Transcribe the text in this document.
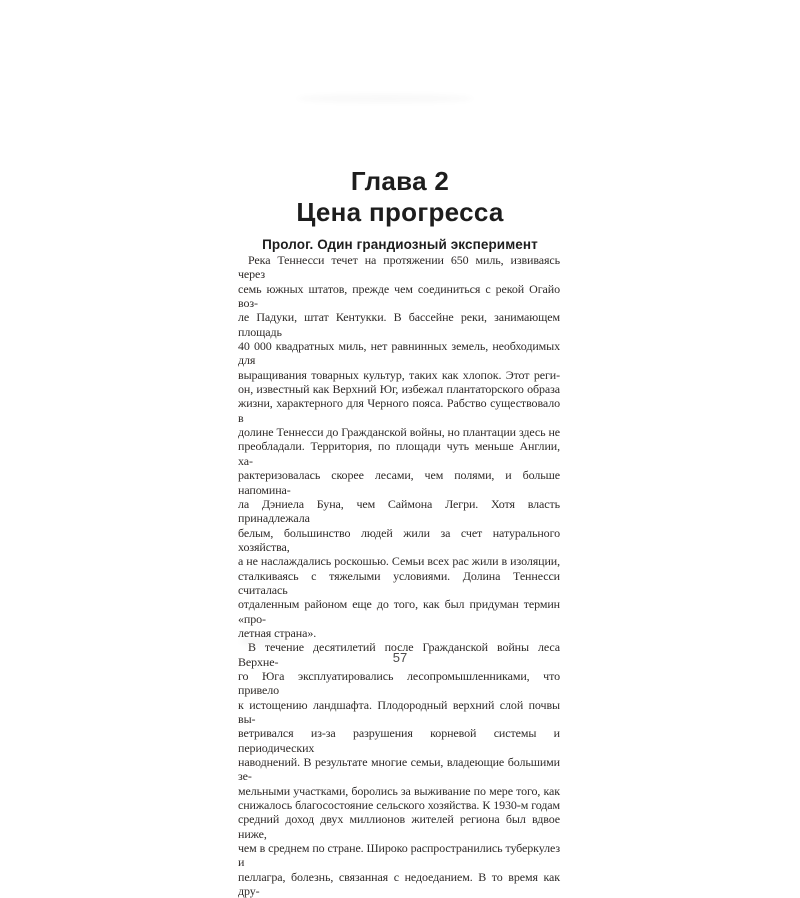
Глава 2
Цена прогресса
Пролог. Один грандиозный эксперимент
Река Теннесси течет на протяжении 650 миль, извиваясь через
семь южных штатов, прежде чем соединиться с рекой Огайо воз-
ле Падуки, штат Кентукки. В бассейне реки, занимающем площадь
40 000 квадратных миль, нет равнинных земель, необходимых для
выращивания товарных культур, таких как хлопок. Этот реги-
он, известный как Верхний Юг, избежал плантаторского образа
жизни, характерного для Черного пояса. Рабство существовало в
долине Теннесси до Гражданской войны, но плантации здесь не
преобладали. Территория, по площади чуть меньше Англии, ха-
рактеризовалась скорее лесами, чем полями, и больше напомина-
ла Дэниела Буна, чем Саймона Легри. Хотя власть принадлежала
белым, большинство людей жили за счет натурального хозяйства,
а не наслаждались роскошью. Семьи всех рас жили в изоляции,
сталкиваясь с тяжелыми условиями. Долина Теннесси считалась
отдаленным районом еще до того, как был придуман термин «про-
летная страна».
В течение десятилетий после Гражданской войны леса Верхне-
го Юга эксплуатировались лесопромышленниками, что привело
к истощению ландшафта. Плодородный верхний слой почвы вы-
ветривался из-за разрушения корневой системы и периодических
наводнений. В результате многие семьи, владеющие большими зе-
мельными участками, боролись за выживание по мере того, как
снижалось благосостояние сельского хозяйства. К 1930-м годам
средний доход двух миллионов жителей региона был вдвое ниже,
чем в среднем по стране. Широко распространились туберкулез и
пеллагра, болезнь, связанная с недоеданием. В то время как дру-
57
